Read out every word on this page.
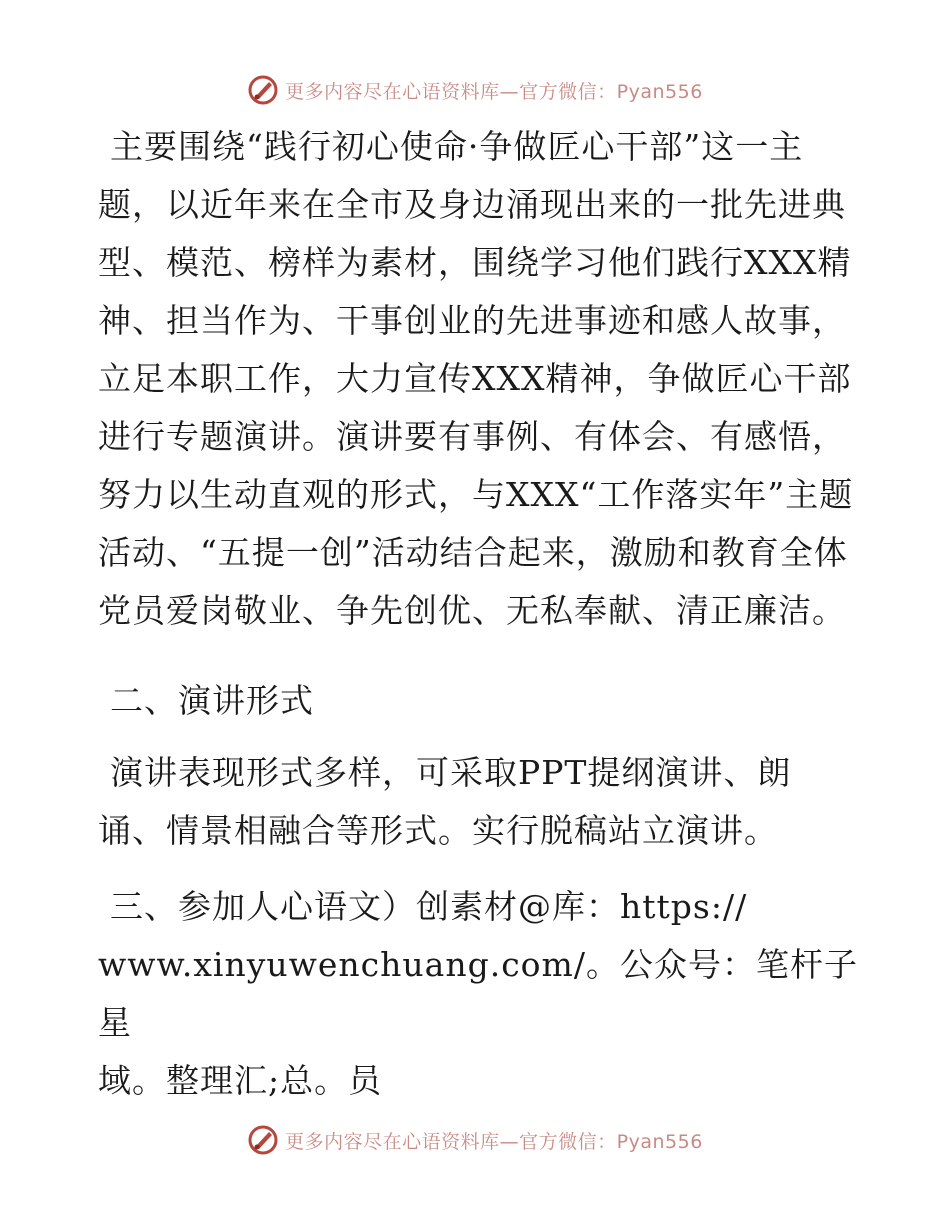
更多内容尽在心语资料库—官方微信：Pyan556

主要围绕“践行初心使命·争做匠心干部”这一主题，以近年来在全市及身边涌现出来的一批先进典型、模范、榜样为素材，围绕学习他们践行XXX精神、担当作为、干事创业的先进事迹和感人故事，立足本职工作，大力宣传XXX精神，争做匠心干部进行专题演讲。演讲要有事例、有体会、有感悟，努力以生动直观的形式，与XXX“工作落实年”主题活动、“五提一创”活动结合起来，激励和教育全体党员爱岗敬业、争先创优、无私奉献、清正廉洁。

二、演讲形式

演讲表现形式多样，可采取PPT提纲演讲、朗诵、情景相融合等形式。实行脱稿站立演讲。

三、参加人心语文）创素材@库：https://

www.xinyuwenchuang.com/。公众号：笔杆子星

域。整理汇;总。员

更多内容尽在心语资料库—官方微信：Pyan556
